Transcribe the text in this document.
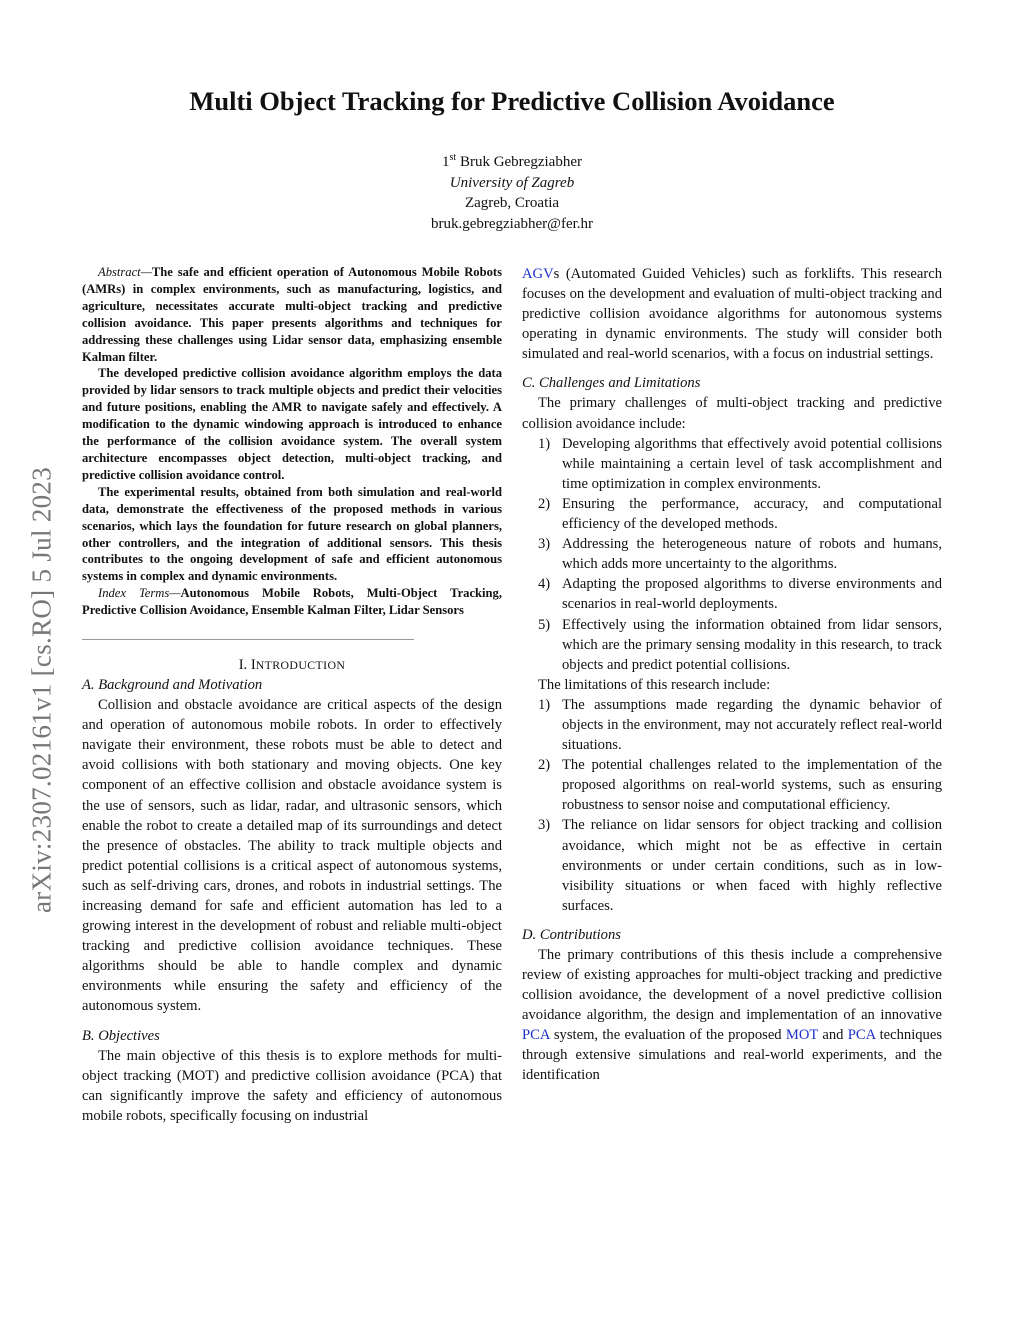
arXiv:2307.02161v1 [cs.RO] 5 Jul 2023
Multi Object Tracking for Predictive Collision Avoidance
1st Bruk Gebregziabher
University of Zagreb
Zagreb, Croatia
bruk.gebregziabher@fer.hr

Abstract—The safe and efficient operation of Autonomous Mobile Robots (AMRs) in complex environments, such as manufacturing, logistics, and agriculture, necessitates accurate multi-object tracking and predictive collision avoidance. This paper presents algorithms and techniques for addressing these challenges using Lidar sensor data, emphasizing ensemble Kalman filter.

The developed predictive collision avoidance algorithm employs the data provided by lidar sensors to track multiple objects and predict their velocities and future positions, enabling the AMR to navigate safely and effectively. A modification to the dynamic windowing approach is introduced to enhance the performance of the collision avoidance system. The overall system architecture encompasses object detection, multi-object tracking, and predictive collision avoidance control.

The experimental results, obtained from both simulation and real-world data, demonstrate the effectiveness of the proposed methods in various scenarios, which lays the foundation for future research on global planners, other controllers, and the integration of additional sensors. This thesis contributes to the ongoing development of safe and efficient autonomous systems in complex and dynamic environments.

Index Terms—Autonomous Mobile Robots, Multi-Object Tracking, Predictive Collision Avoidance, Ensemble Kalman Filter, Lidar Sensors

I. INTRODUCTION

A. Background and Motivation

Collision and obstacle avoidance are critical aspects of the design and operation of autonomous mobile robots. In order to effectively navigate their environment, these robots must be able to detect and avoid collisions with both stationary and moving objects. One key component of an effective collision and obstacle avoidance system is the use of sensors, such as lidar, radar, and ultrasonic sensors, which enable the robot to create a detailed map of its surroundings and detect the presence of obstacles. The ability to track multiple objects and predict potential collisions is a critical aspect of autonomous systems, such as self-driving cars, drones, and robots in industrial settings. The increasing demand for safe and efficient automation has led to a growing interest in the development of robust and reliable multi-object tracking and predictive collision avoidance techniques. These algorithms should be able to handle complex and dynamic environments while ensuring the safety and efficiency of the autonomous system.

B. Objectives

The main objective of this thesis is to explore methods for multi-object tracking (MOT) and predictive collision avoidance (PCA) that can significantly improve the safety and efficiency of autonomous mobile robots, specifically focusing on industrial

AGVs (Automated Guided Vehicles) such as forklifts. This research focuses on the development and evaluation of multi-object tracking and predictive collision avoidance algorithms for autonomous systems operating in dynamic environments. The study will consider both simulated and real-world scenarios, with a focus on industrial settings.

C. Challenges and Limitations

The primary challenges of multi-object tracking and predictive collision avoidance include:

1) Developing algorithms that effectively avoid potential collisions while maintaining a certain level of task accomplishment and time optimization in complex environments.
2) Ensuring the performance, accuracy, and computational efficiency of the developed methods.
3) Addressing the heterogeneous nature of robots and humans, which adds more uncertainty to the algorithms.
4) Adapting the proposed algorithms to diverse environments and scenarios in real-world deployments.
5) Effectively using the information obtained from lidar sensors, which are the primary sensing modality in this research, to track objects and predict potential collisions.

The limitations of this research include:

1) The assumptions made regarding the dynamic behavior of objects in the environment, may not accurately reflect real-world situations.
2) The potential challenges related to the implementation of the proposed algorithms on real-world systems, such as ensuring robustness to sensor noise and computational efficiency.
3) The reliance on lidar sensors for object tracking and collision avoidance, which might not be as effective in certain environments or under certain conditions, such as in low-visibility situations or when faced with highly reflective surfaces.

D. Contributions

The primary contributions of this thesis include a comprehensive review of existing approaches for multi-object tracking and predictive collision avoidance, the development of a novel predictive collision avoidance algorithm, the design and implementation of an innovative PCA system, the evaluation of the proposed MOT and PCA techniques through extensive simulations and real-world experiments, and the identification
